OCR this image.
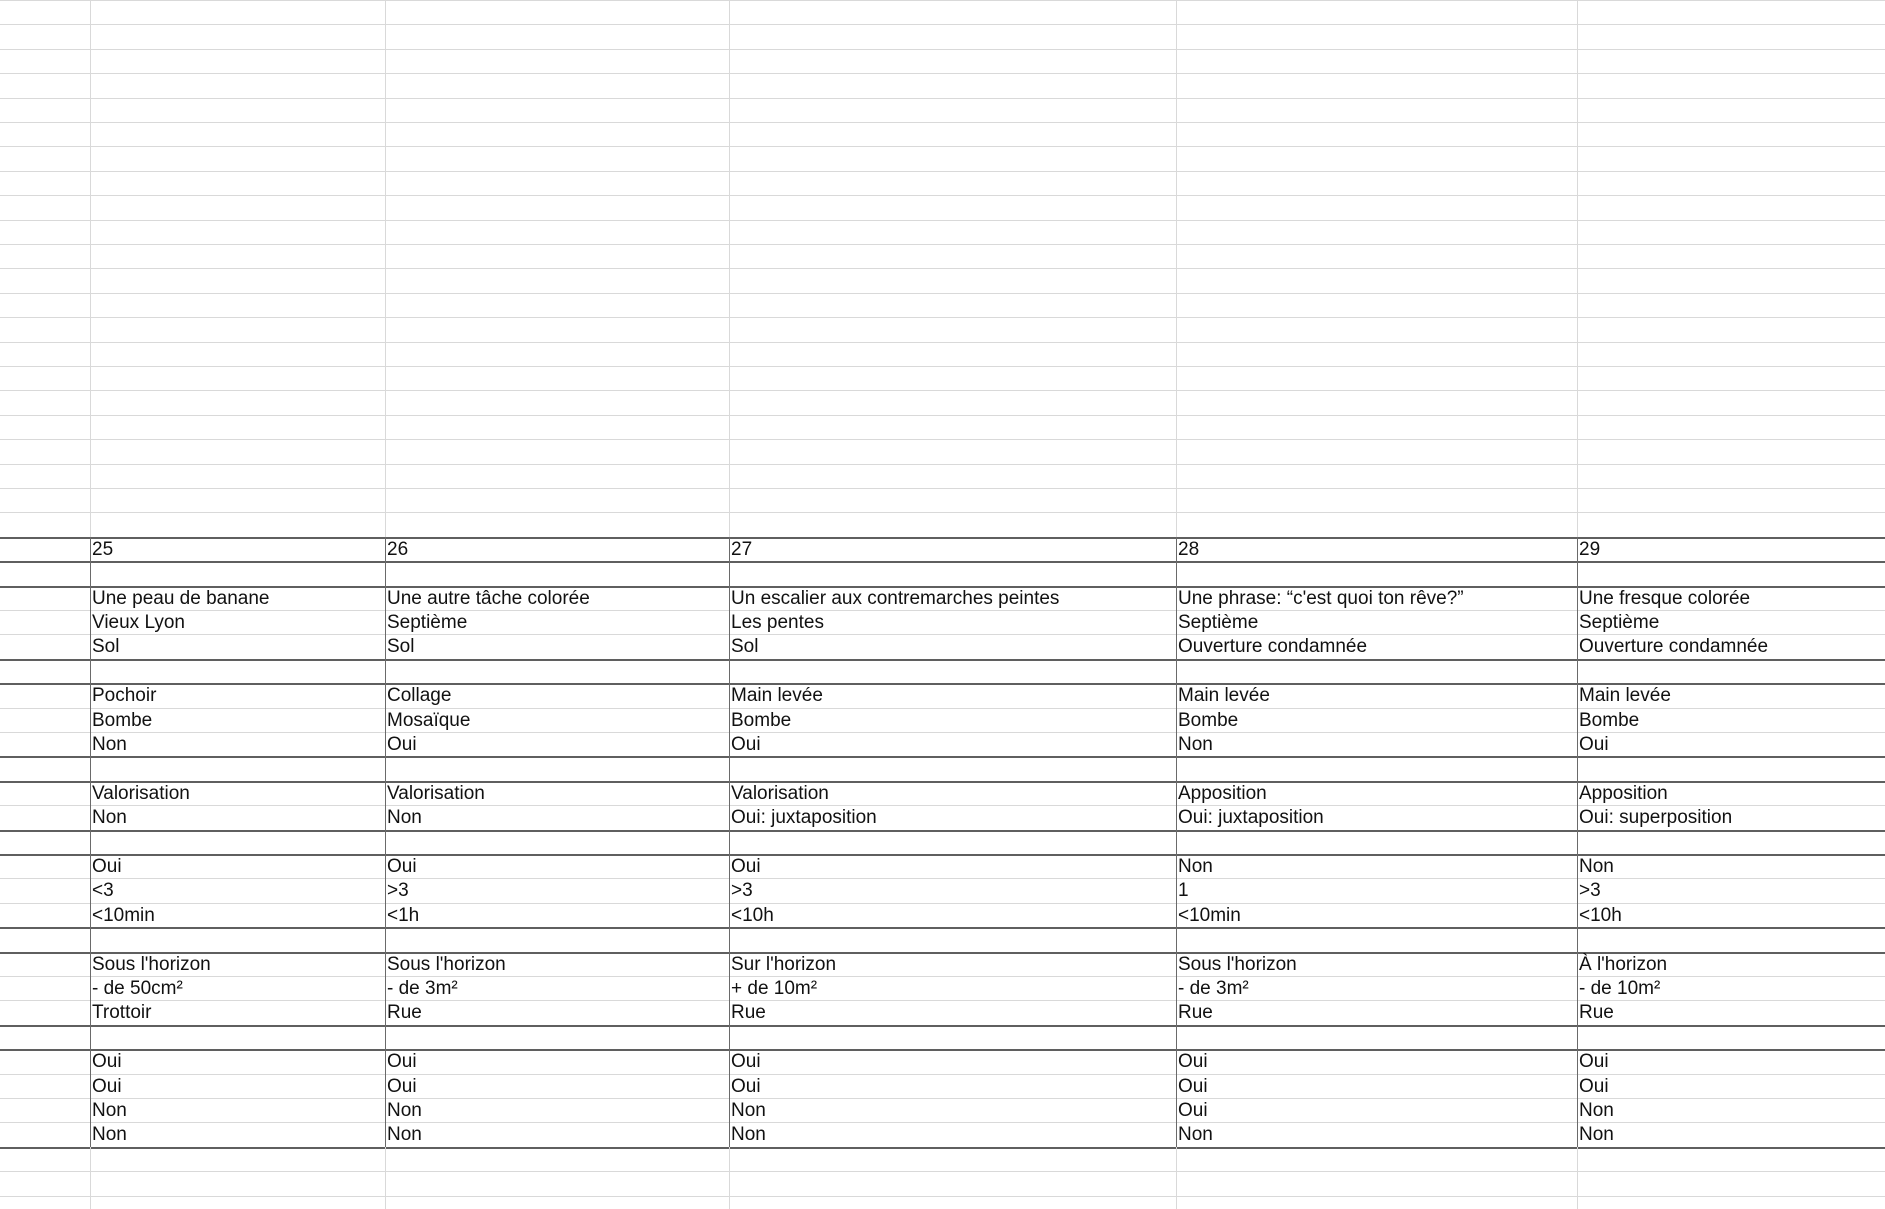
25
Une peau de banane
Vieux Lyon
Sol
Pochoir
Bombe
Non
Valorisation
Non
Oui
<3
<10min
Sous l'horizon
- de 50cm²
Trottoir
Oui
Oui
Non
Non
26
Une autre tâche colorée
Septième
Sol
Collage
Mosaïque
Oui
Valorisation
Non
Oui
>3
<1h
Sous l'horizon
- de 3m²
Rue
Oui
Oui
Non
Non
27
Un escalier aux contremarches peintes
Les pentes
Sol
Main levée
Bombe
Oui
Valorisation
Oui: juxtaposition
Oui
>3
<10h
Sur l'horizon
+ de 10m²
Rue
Oui
Oui
Non
Non
28
Une phrase: “c'est quoi ton rêve?”
Septième
Ouverture condamnée
Main levée
Bombe
Non
Apposition
Oui: juxtaposition
Non
1
<10min
Sous l'horizon
- de 3m²
Rue
Oui
Oui
Oui
Non
29
Une fresque colorée
Septième
Ouverture condamnée
Main levée
Bombe
Oui
Apposition
Oui: superposition
Non
>3
<10h
À l'horizon
- de 10m²
Rue
Oui
Oui
Non
Non
